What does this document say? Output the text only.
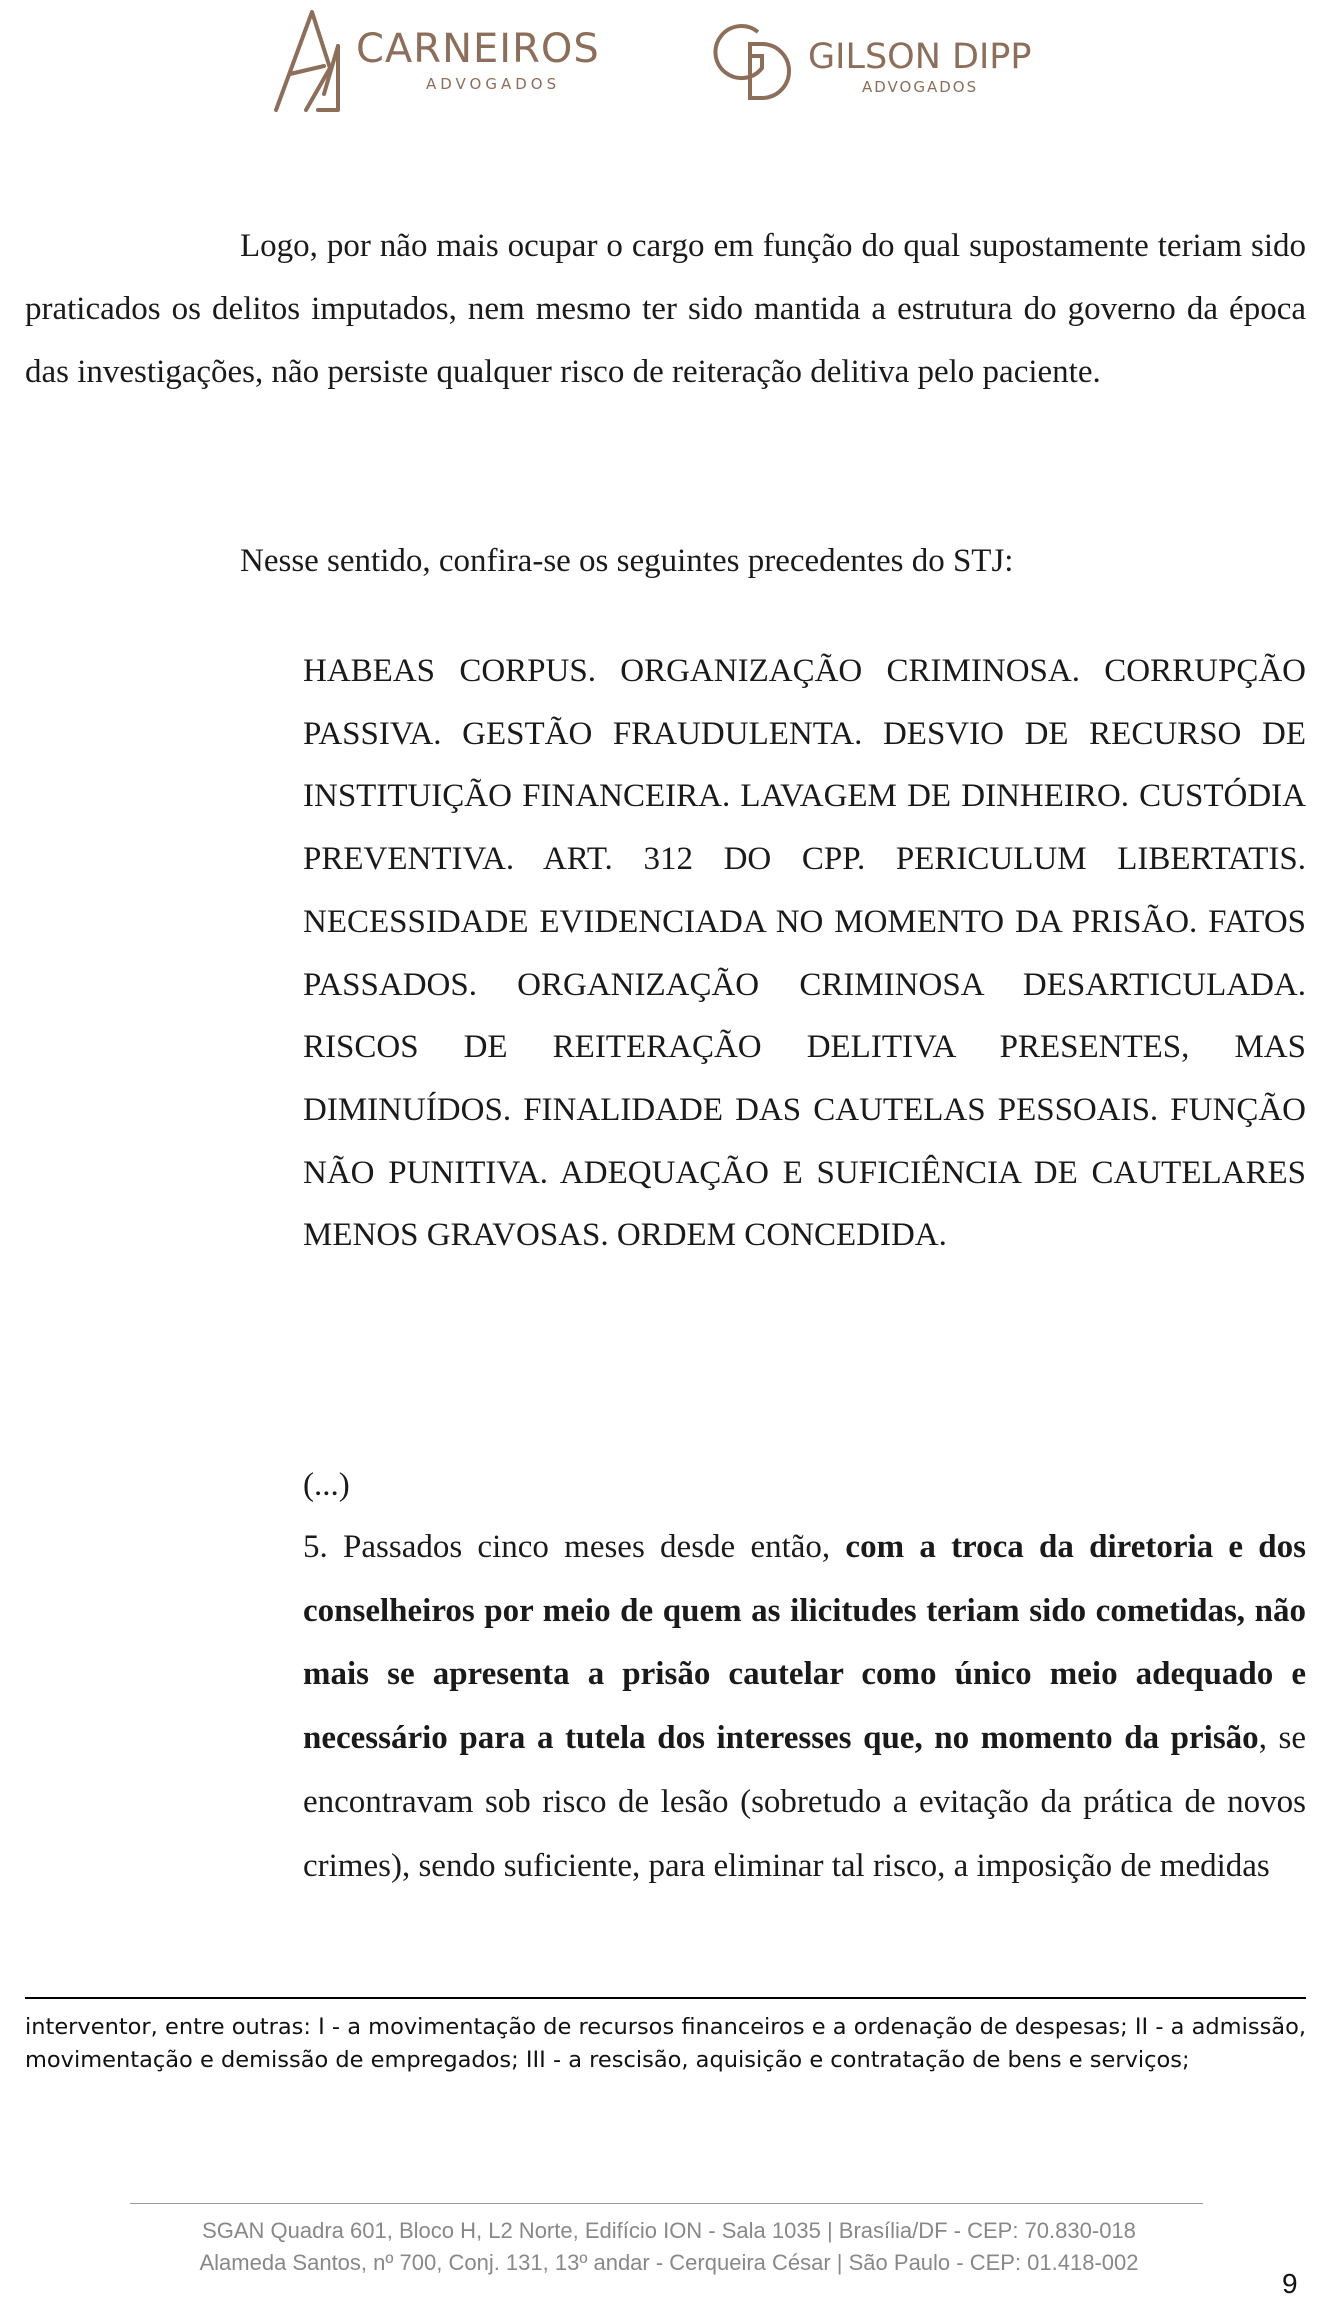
CARNEIROS
ADVOGADOS
GILSON DIPP
ADVOGADOS

Logo, por não mais ocupar o cargo em função do qual supostamente teriam sido praticados os delitos imputados, nem mesmo ter sido mantida a estrutura do governo da época das investigações, não persiste qualquer risco de reiteração delitiva pelo paciente.

Nesse sentido, confira-se os seguintes precedentes do STJ:

HABEAS CORPUS. ORGANIZAÇÃO CRIMINOSA. CORRUPÇÃO PASSIVA. GESTÃO FRAUDULENTA. DESVIO DE RECURSO DE INSTITUIÇÃO FINANCEIRA. LAVAGEM DE DINHEIRO. CUSTÓDIA PREVENTIVA. ART. 312 DO CPP. PERICULUM LIBERTATIS. NECESSIDADE EVIDENCIADA NO MOMENTO DA PRISÃO. FATOS PASSADOS. ORGANIZAÇÃO CRIMINOSA DESARTICULADA. RISCOS DE REITERAÇÃO DELITIVA PRESENTES, MAS DIMINUÍDOS. FINALIDADE DAS CAUTELAS PESSOAIS. FUNÇÃO NÃO PUNITIVA. ADEQUAÇÃO E SUFICIÊNCIA DE CAUTELARES MENOS GRAVOSAS. ORDEM CONCEDIDA.

(...)

5. Passados cinco meses desde então, com a troca da diretoria e dos conselheiros por meio de quem as ilicitudes teriam sido cometidas, não mais se apresenta a prisão cautelar como único meio adequado e necessário para a tutela dos interesses que, no momento da prisão, se encontravam sob risco de lesão (sobretudo a evitação da prática de novos crimes), sendo suficiente, para eliminar tal risco, a imposição de medidas

interventor, entre outras: I - a movimentação de recursos financeiros e a ordenação de despesas; II - a admissão, movimentação e demissão de empregados; III - a rescisão, aquisição e contratação de bens e serviços;

SGAN Quadra 601, Bloco H, L2 Norte, Edifício ION - Sala 1035 | Brasília/DF - CEP: 70.830-018
Alameda Santos, nº 700, Conj. 131, 13º andar - Cerqueira César | São Paulo - CEP: 01.418-002
9
